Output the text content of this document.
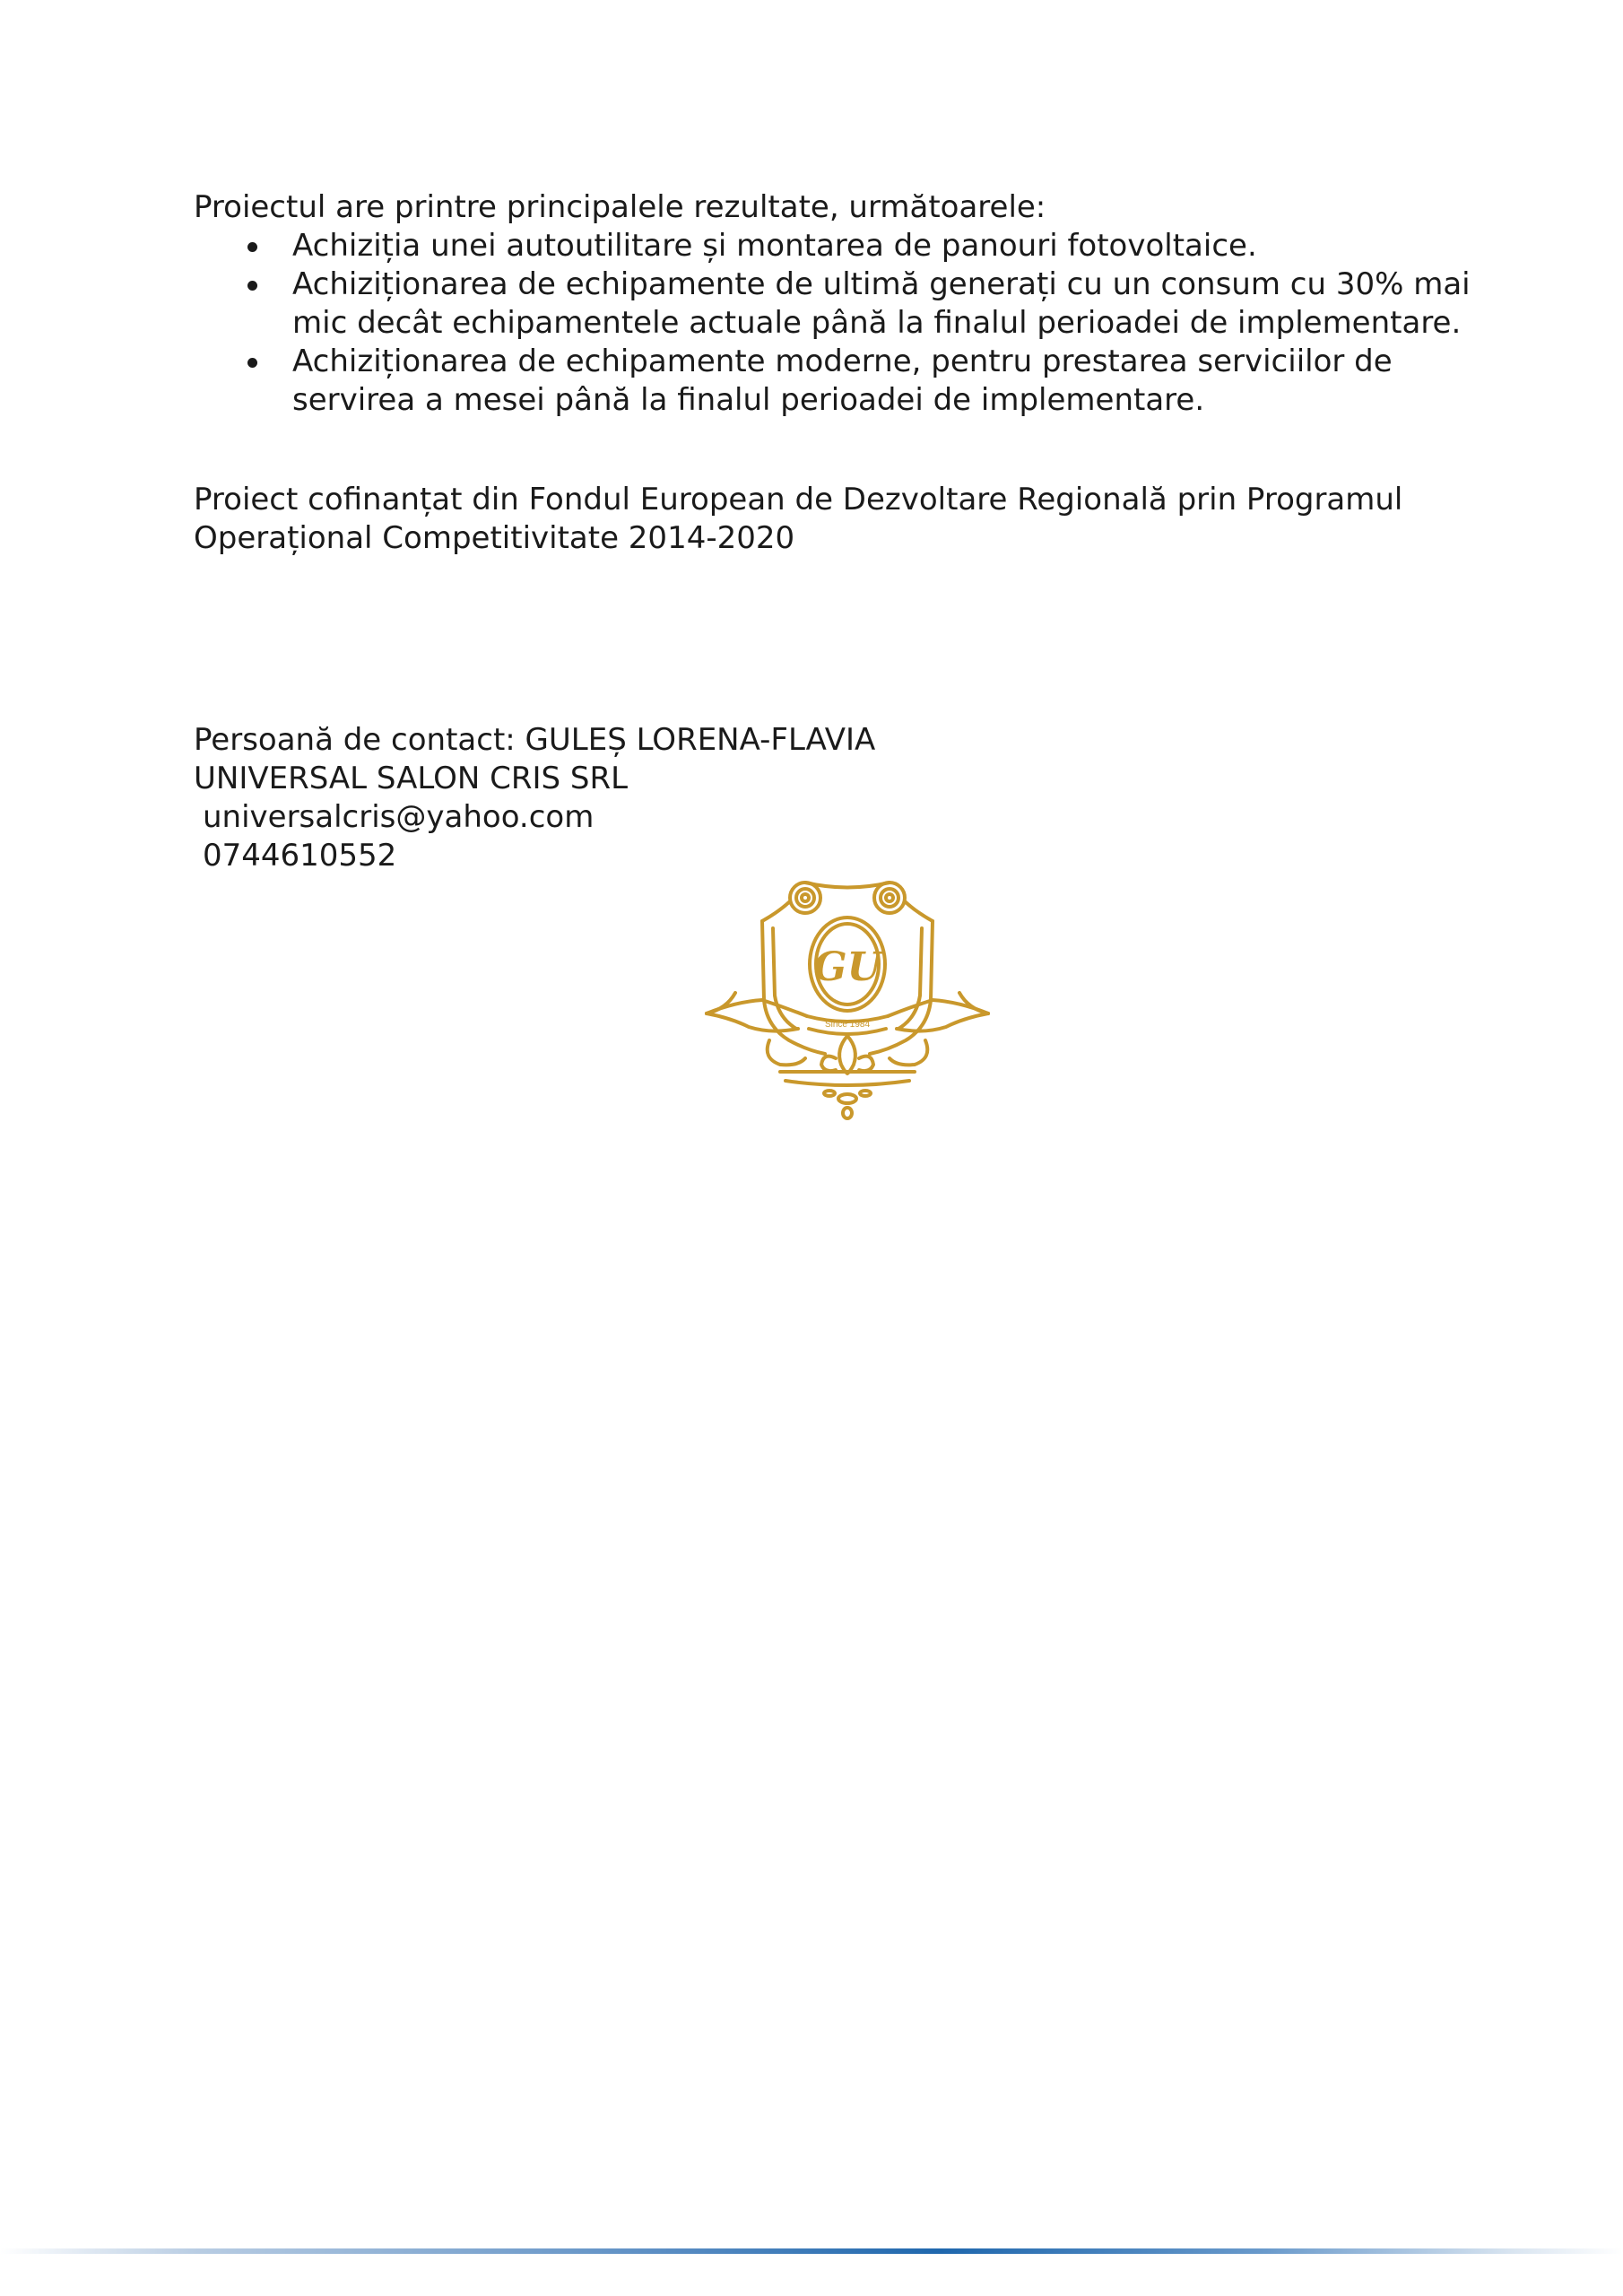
Proiectul are printre principalele rezultate, următoarele:
Achiziția unei autoutilitare și montarea de panouri fotovoltaice.
Achiziționarea de echipamente de ultimă generați cu un consum cu 30% mai mic decât echipamentele actuale până la finalul perioadei de implementare.
Achiziționarea de echipamente moderne, pentru prestarea serviciilor de servirea a mesei până la finalul perioadei de implementare.
Proiect cofinanțat din Fondul European de Dezvoltare Regională prin Programul
Operațional Competitivitate 2014-2020
Persoană de contact: GULEȘ LORENA-FLAVIA
UNIVERSAL SALON CRIS SRL
universalcris@yahoo.com
0744610552
GU
Since 1984
